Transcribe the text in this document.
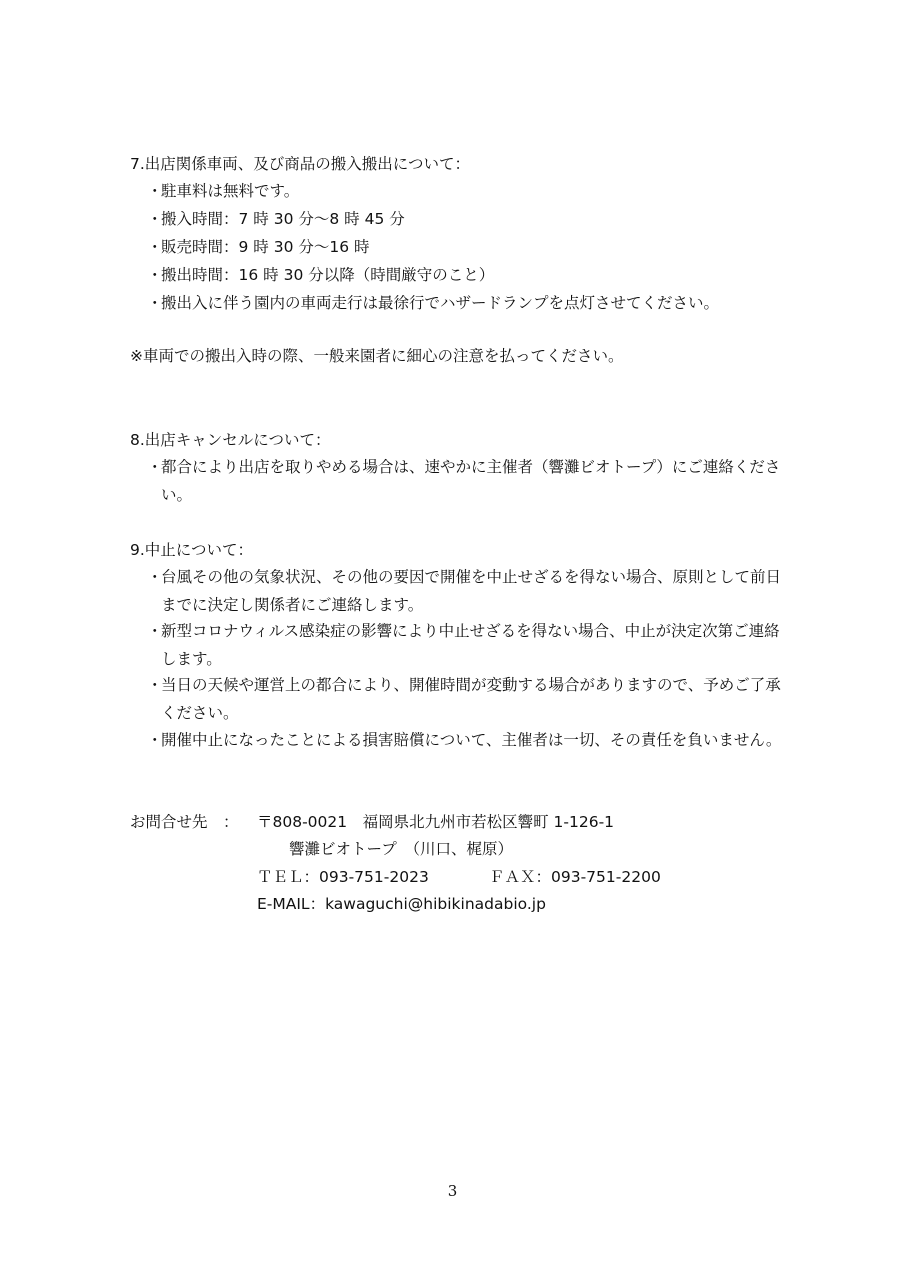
7.出店関係車両、及び商品の搬入搬出について：
・ 駐車料は無料です。
・ 搬入時間：7 時 30 分～8 時 45 分
・ 販売時間：9 時 30 分～16 時
・ 搬出時間：16 時 30 分以降（時間厳守のこと）
・ 搬出入に伴う園内の車両走行は最徐行でハザードランプを点灯させてください。
※車両での搬出入時の際、一般来園者に細心の注意を払ってください。
8.出店キャンセルについて：
・ 都合により出店を取りやめる場合は、速やかに主催者（響灘ビオトープ）にご連絡ください。
9.中止について：
・ 台風その他の気象状況、その他の要因で開催を中止せざるを得ない場合、原則として前日までに決定し関係者にご連絡します。
・ 新型コロナウィルス感染症の影響により中止せざるを得ない場合、中止が決定次第ご連絡します。
・ 当日の天候や運営上の都合により、開催時間が変動する場合がありますので、予めご了承ください。
・ 開催中止になったことによる損害賠償について、主催者は一切、その責任を負いません。
お問合せ先　： 〒808-0021　福岡県北九州市若松区響町 1-126-1
響灘ビオトープ　（川口、梶原）
ＴＥＬ：093-751-2023	ＦＡＸ：093-751-2200
E-MAIL：kawaguchi@hibikinadabio.jp
3
